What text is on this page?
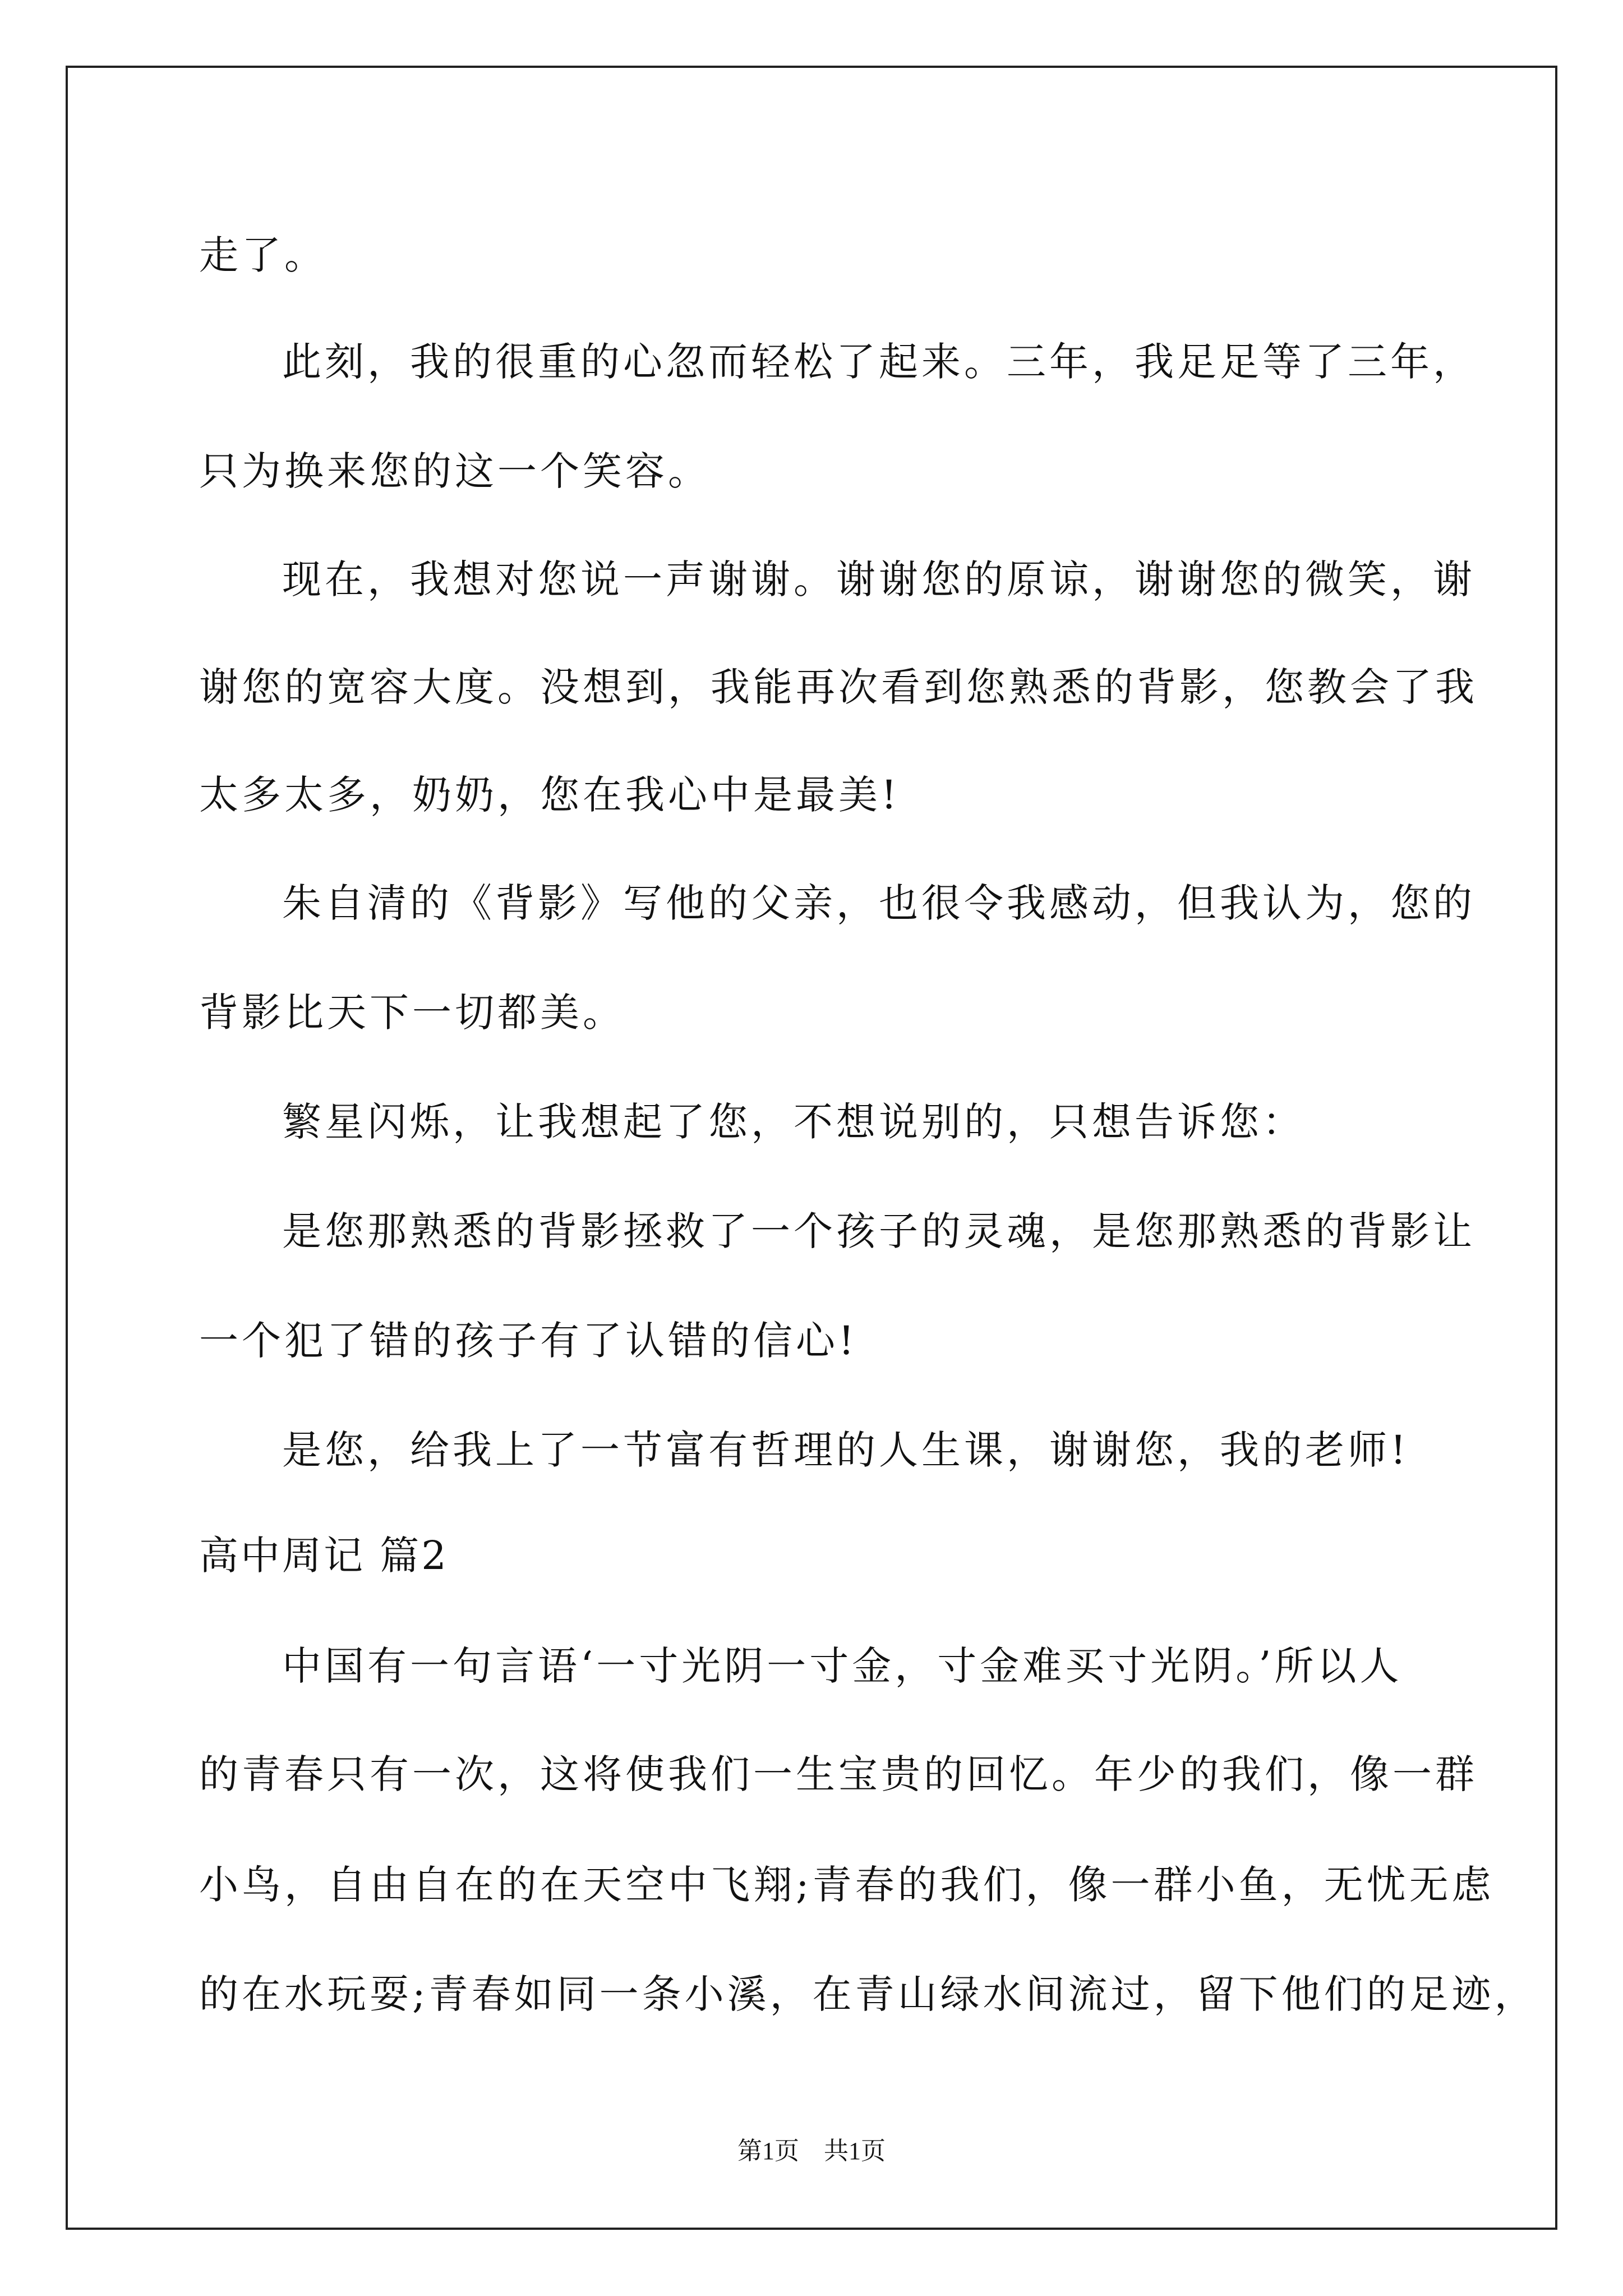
走了。
此刻，我的很重的心忽而轻松了起来。三年，我足足等了三年，
只为换来您的这一个笑容。
现在，我想对您说一声谢谢。谢谢您的原谅，谢谢您的微笑，谢
谢您的宽容大度。没想到，我能再次看到您熟悉的背影，您教会了我
太多太多，奶奶，您在我心中是最美!
朱自清的《背影》写他的父亲，也很令我感动，但我认为，您的
背影比天下一切都美。
繁星闪烁，让我想起了您，不想说别的，只想告诉您：
是您那熟悉的背影拯救了一个孩子的灵魂，是您那熟悉的背影让
一个犯了错的孩子有了认错的信心!
是您，给我上了一节富有哲理的人生课，谢谢您，我的老师!
高中周记 篇2
中国有一句言语‘一寸光阴一寸金，寸金难买寸光阴。’所以人
的青春只有一次，这将使我们一生宝贵的回忆。年少的我们，像一群
小鸟，自由自在的在天空中飞翔;青春的我们，像一群小鱼，无忧无虑
的在水玩耍;青春如同一条小溪，在青山绿水间流过，留下他们的足迹，
第1页　共1页
